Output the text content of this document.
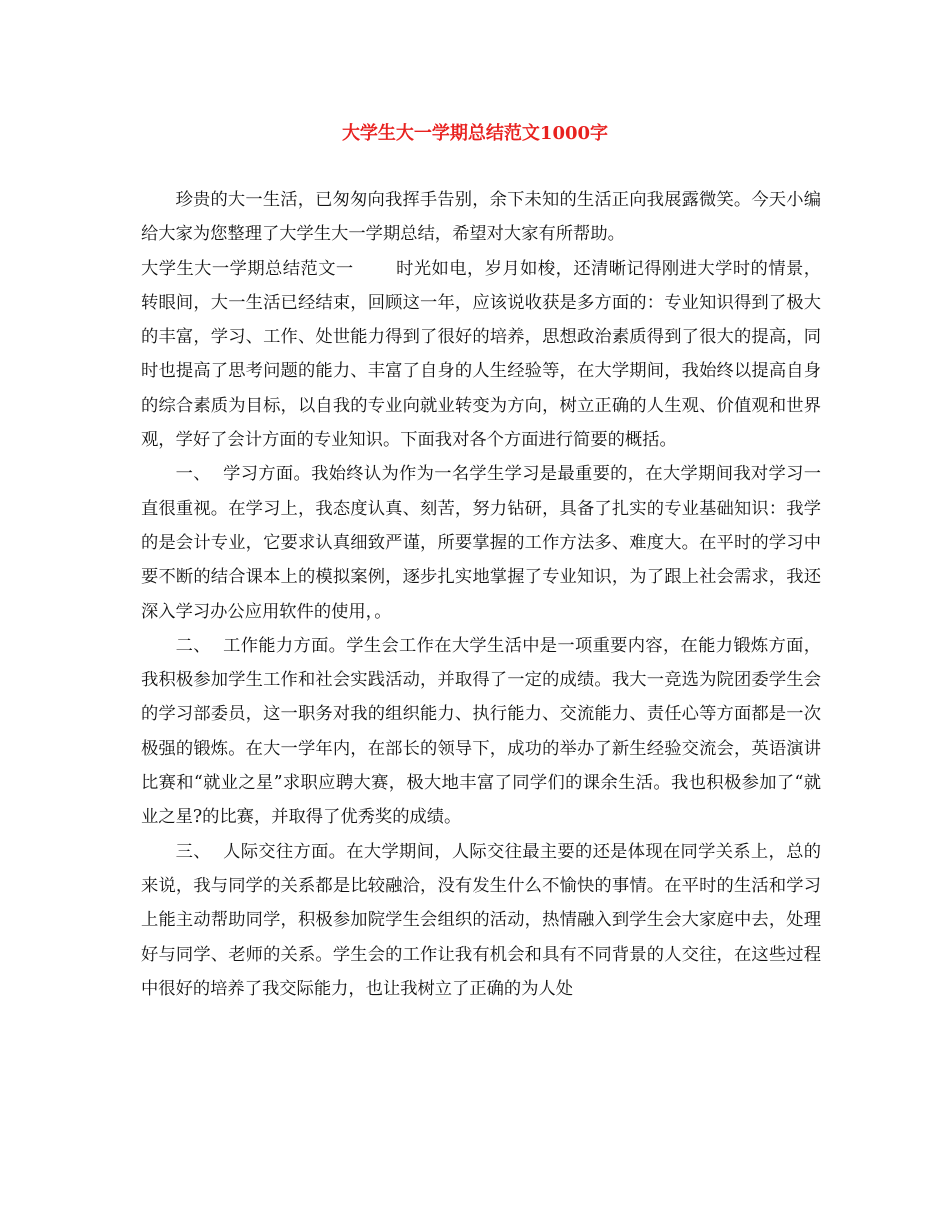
大学生大一学期总结范文1000字

珍贵的大一生活，已匆匆向我挥手告别，余下未知的生活正向我展露微笑。今天小编给大家为您整理了大学生大一学期总结，希望对大家有所帮助。

大学生大一学期总结范文一 时光如电，岁月如梭，还清晰记得刚进大学时的情景，转眼间，大一生活已经结束，回顾这一年，应该说收获是多方面的：专业知识得到了极大的丰富，学习、工作、处世能力得到了很好的培养，思想政治素质得到了很大的提高，同时也提高了思考问题的能力、丰富了自身的人生经验等，在大学期间，我始终以提高自身的综合素质为目标，以自我的专业向就业转变为方向，树立正确的人生观、价值观和世界观，学好了会计方面的专业知识。下面我对各个方面进行简要的概括。

一、 学习方面。我始终认为作为一名学生学习是最重要的，在大学期间我对学习一直很重视。在学习上，我态度认真、刻苦，努力钻研，具备了扎实的专业基础知识：我学的是会计专业，它要求认真细致严谨，所要掌握的工作方法多、难度大。在平时的学习中要不断的结合课本上的模拟案例，逐步扎实地掌握了专业知识，为了跟上社会需求，我还深入学习办公应用软件的使用，。

二、 工作能力方面。学生会工作在大学生活中是一项重要内容，在能力锻炼方面，我积极参加学生工作和社会实践活动，并取得了一定的成绩。我大一竞选为院团委学生会的学习部委员，这一职务对我的组织能力、执行能力、交流能力、责任心等方面都是一次极强的锻炼。在大一学年内，在部长的领导下，成功的举办了新生经验交流会，英语演讲比赛和“就业之星”求职应聘大赛，极大地丰富了同学们的课余生活。我也积极参加了“就业之星?的比赛，并取得了优秀奖的成绩。

三、 人际交往方面。在大学期间，人际交往最主要的还是体现在同学关系上，总的来说，我与同学的关系都是比较融洽，没有发生什么不愉快的事情。在平时的生活和学习上能主动帮助同学，积极参加院学生会组织的活动，热情融入到学生会大家庭中去，处理好与同学、老师的关系。学生会的工作让我有机会和具有不同背景的人交往，在这些过程中很好的培养了我交际能力，也让我树立了正确的为人处
